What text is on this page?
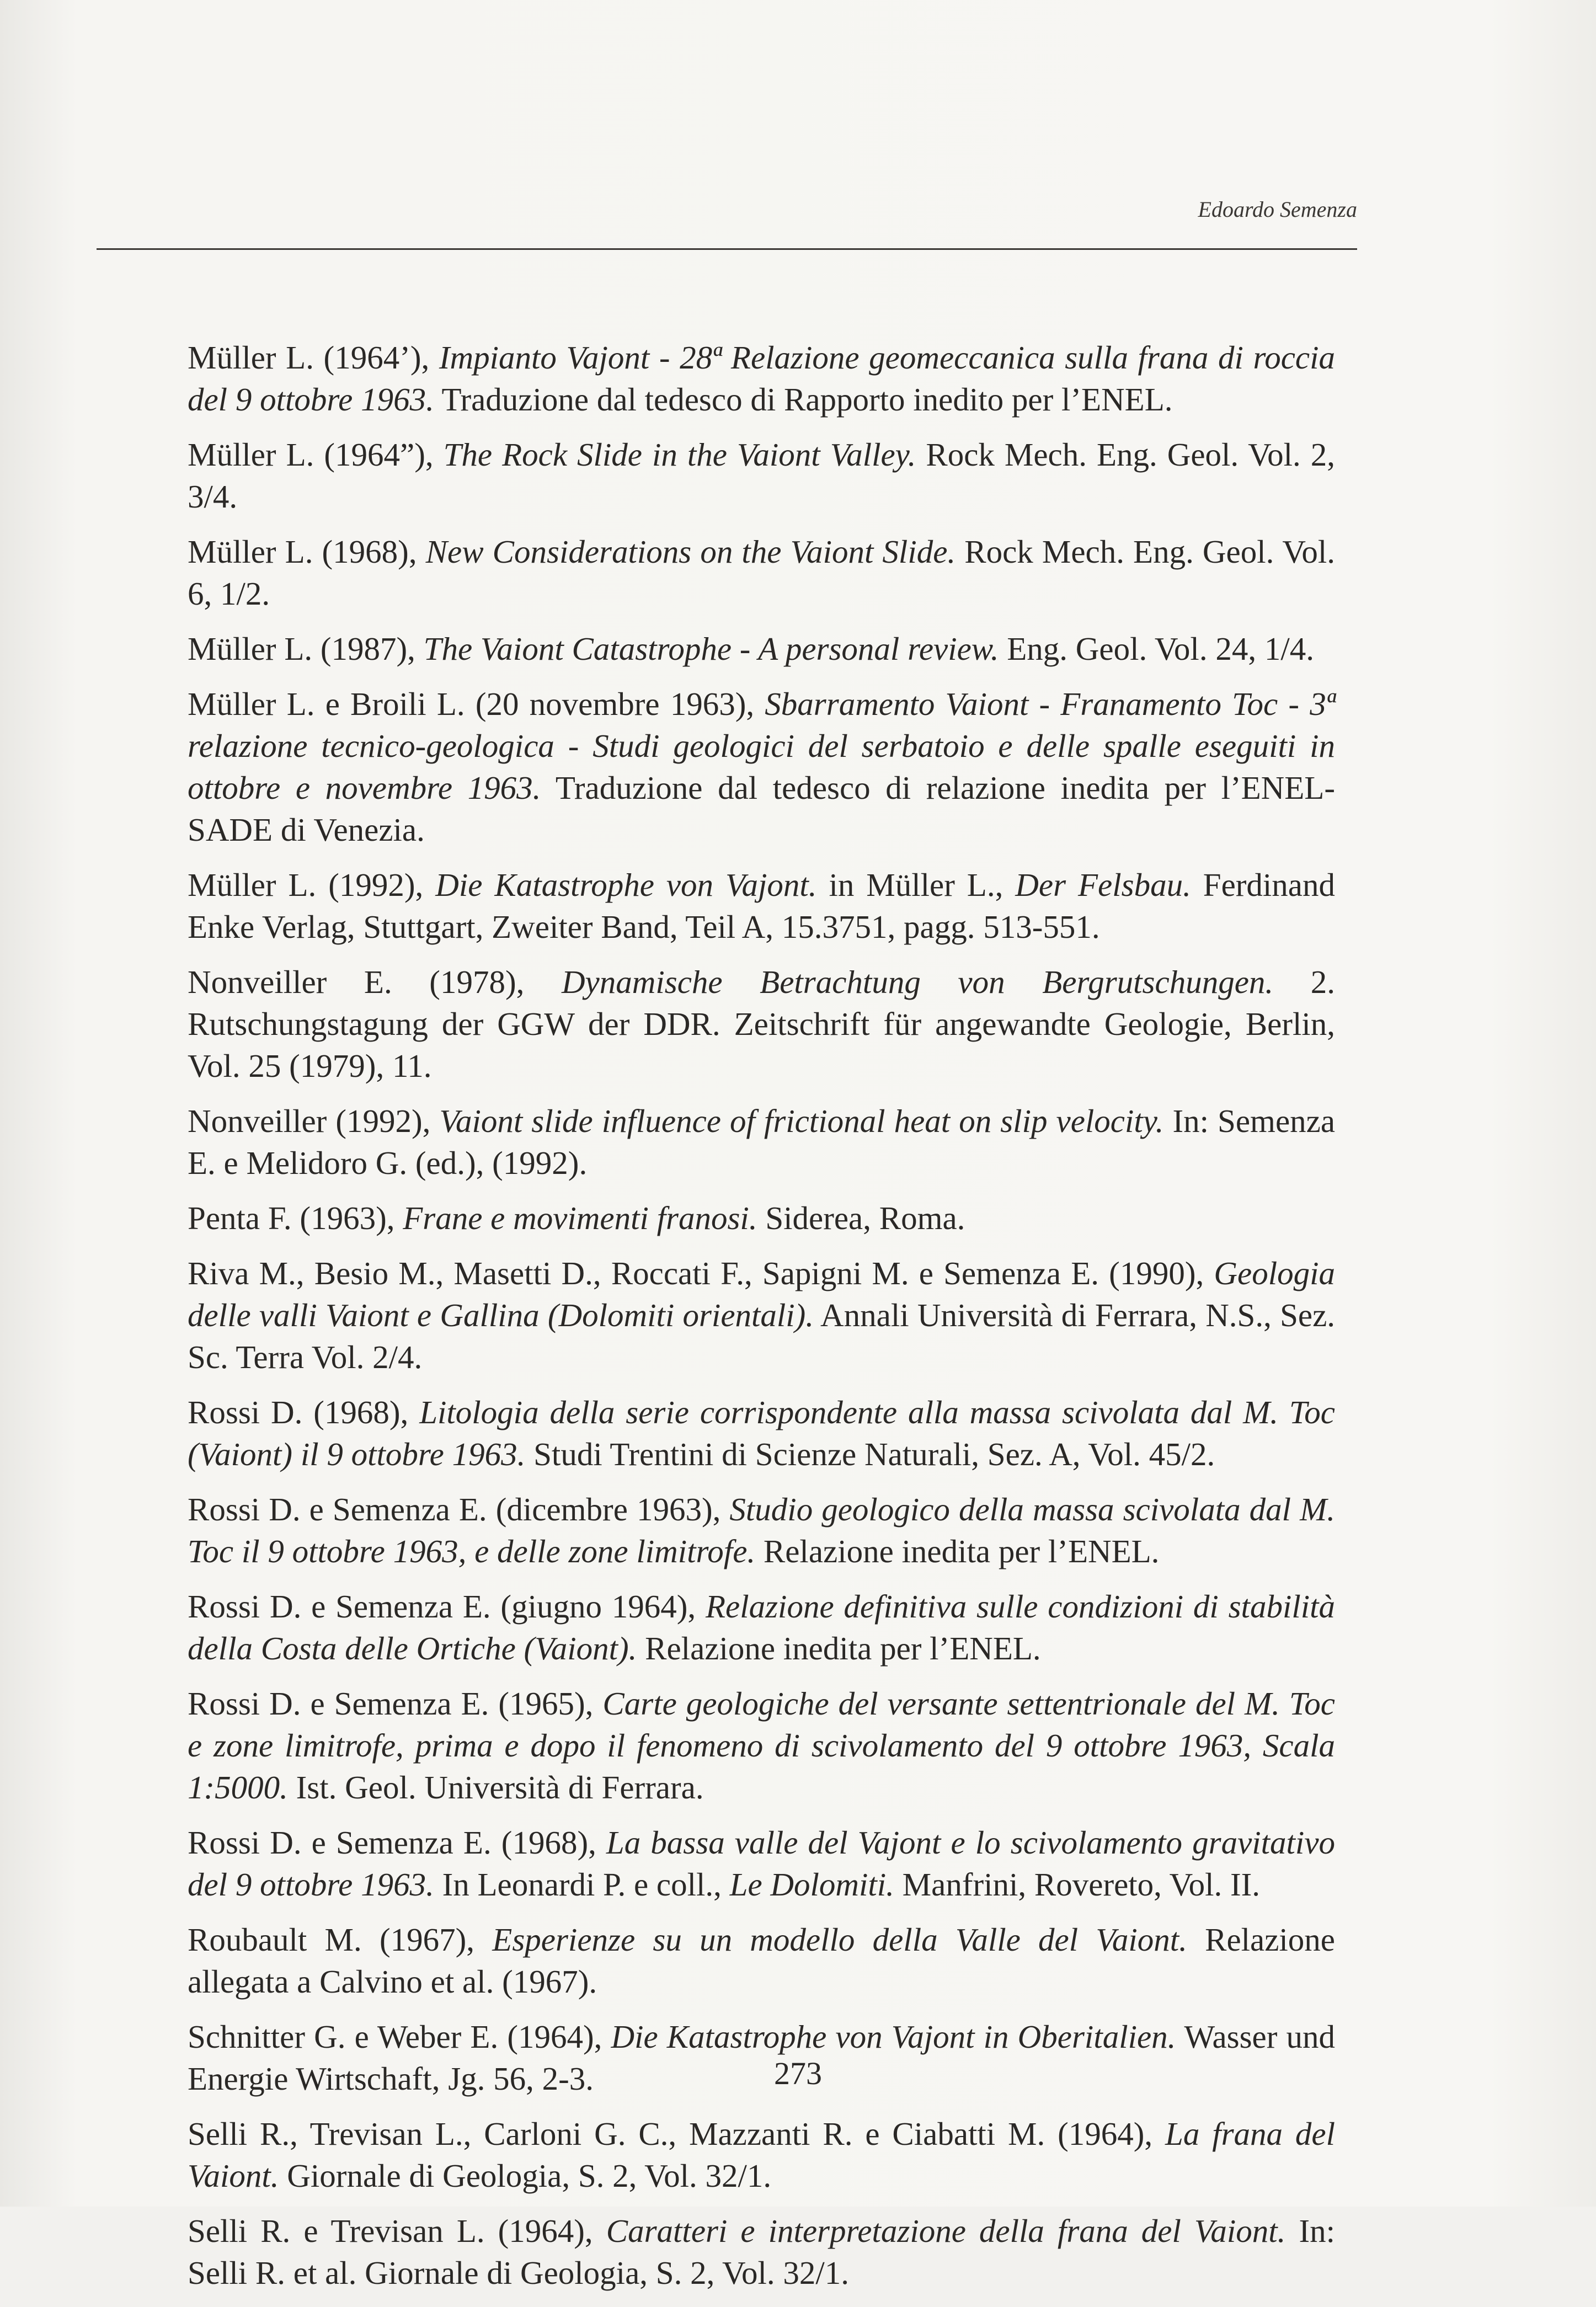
Edoardo Semenza

Müller L. (1964’), Impianto Vajont - 28ª Relazione geomeccanica sulla frana di roccia del 9 ottobre 1963. Traduzione dal tedesco di Rapporto inedito per l’ENEL.

Müller L. (1964”), The Rock Slide in the Vaiont Valley. Rock Mech. Eng. Geol. Vol. 2, 3/4.

Müller L. (1968), New Considerations on the Vaiont Slide. Rock Mech. Eng. Geol. Vol. 6, 1/2.

Müller L. (1987), The Vaiont Catastrophe - A personal review. Eng. Geol. Vol. 24, 1/4.

Müller L. e Broili L. (20 novembre 1963), Sbarramento Vaiont - Franamento Toc - 3ª relazione tecnico-geologica - Studi geologici del serbatoio e delle spalle eseguiti in ottobre e novembre 1963. Traduzione dal tedesco di relazione inedita per l’ENEL-SADE di Venezia.

Müller L. (1992), Die Katastrophe von Vajont. in Müller L., Der Felsbau. Ferdinand Enke Verlag, Stuttgart, Zweiter Band, Teil A, 15.3751, pagg. 513-551.

Nonveiller E. (1978), Dynamische Betrachtung von Bergrutschungen. 2. Rutschungstagung der GGW der DDR. Zeitschrift für angewandte Geologie, Berlin, Vol. 25 (1979), 11.

Nonveiller (1992), Vaiont slide influence of frictional heat on slip velocity. In: Semenza E. e Melidoro G. (ed.), (1992).

Penta F. (1963), Frane e movimenti franosi. Siderea, Roma.

Riva M., Besio M., Masetti D., Roccati F., Sapigni M. e Semenza E. (1990), Geologia delle valli Vaiont e Gallina (Dolomiti orientali). Annali Università di Ferrara, N.S., Sez. Sc. Terra Vol. 2/4.

Rossi D. (1968), Litologia della serie corrispondente alla massa scivolata dal M. Toc (Vaiont) il 9 ottobre 1963. Studi Trentini di Scienze Naturali, Sez. A, Vol. 45/2.

Rossi D. e Semenza E. (dicembre 1963), Studio geologico della massa scivolata dal M. Toc il 9 ottobre 1963, e delle zone limitrofe. Relazione inedita per l’ENEL.

Rossi D. e Semenza E. (giugno 1964), Relazione definitiva sulle condizioni di stabilità della Costa delle Ortiche (Vaiont). Relazione inedita per l’ENEL.

Rossi D. e Semenza E. (1965), Carte geologiche del versante settentrionale del M. Toc e zone limitrofe, prima e dopo il fenomeno di scivolamento del 9 ottobre 1963, Scala 1:5000. Ist. Geol. Università di Ferrara.

Rossi D. e Semenza E. (1968), La bassa valle del Vajont e lo scivolamento gravitativo del 9 ottobre 1963. In Leonardi P. e coll., Le Dolomiti. Manfrini, Rovereto, Vol. II.

Roubault M. (1967), Esperienze su un modello della Valle del Vaiont. Relazione allegata a Calvino et al. (1967).

Schnitter G. e Weber E. (1964), Die Katastrophe von Vajont in Oberitalien. Wasser und Energie Wirtschaft, Jg. 56, 2-3.

Selli R., Trevisan L., Carloni G. C., Mazzanti R. e Ciabatti M. (1964), La frana del Vaiont. Giornale di Geologia, S. 2, Vol. 32/1.

Selli R. e Trevisan L. (1964), Caratteri e interpretazione della frana del Vaiont. In: Selli R. et al. Giornale di Geologia, S. 2, Vol. 32/1.

273
